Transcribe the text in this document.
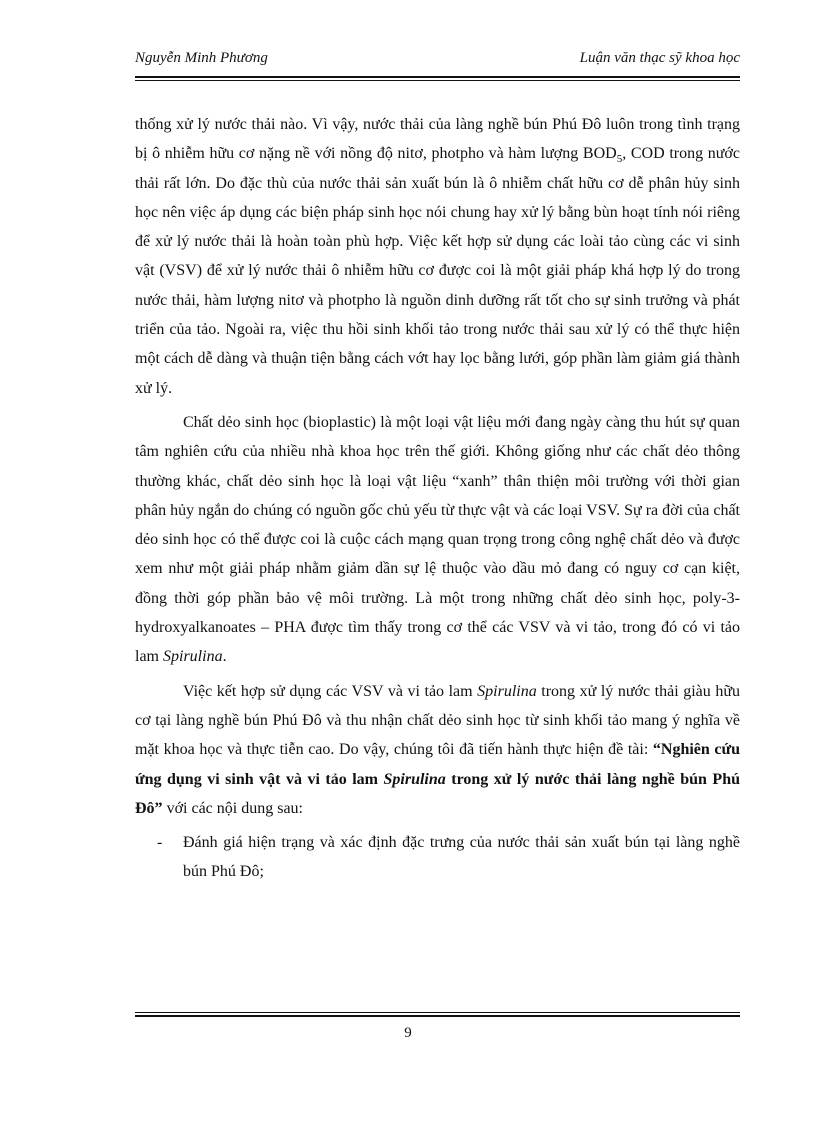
Nguyễn Minh Phương	Luận văn thạc sỹ khoa học

thống xử lý nước thải nào. Vì vậy, nước thải của làng nghề bún Phú Đô luôn trong tình trạng bị ô nhiễm hữu cơ nặng nề với nồng độ nitơ, photpho và hàm lượng $BOD_5$, COD trong nước thải rất lớn. Do đặc thù của nước thải sản xuất bún là ô nhiễm chất hữu cơ dễ phân hủy sinh học nên việc áp dụng các biện pháp sinh học nói chung hay xử lý bằng bùn hoạt tính nói riêng để xử lý nước thải là hoàn toàn phù hợp. Việc kết hợp sử dụng các loài tảo cùng các vi sinh vật (VSV) để xử lý nước thải ô nhiễm hữu cơ được coi là một giải pháp khá hợp lý do trong nước thải, hàm lượng nitơ và photpho là nguồn dinh dưỡng rất tốt cho sự sinh trưởng và phát triển của tảo. Ngoài ra, việc thu hồi sinh khối tảo trong nước thải sau xử lý có thể thực hiện một cách dễ dàng và thuận tiện bằng cách vớt hay lọc bằng lưới, góp phần làm giảm giá thành xử lý.

Chất dẻo sinh học (bioplastic) là một loại vật liệu mới đang ngày càng thu hút sự quan tâm nghiên cứu của nhiều nhà khoa học trên thế giới. Không giống như các chất dẻo thông thường khác, chất dẻo sinh học là loại vật liệu “xanh” thân thiện môi trường với thời gian phân hủy ngắn do chúng có nguồn gốc chủ yếu từ thực vật và các loại VSV. Sự ra đời của chất dẻo sinh học có thể được coi là cuộc cách mạng quan trọng trong công nghệ chất dẻo và được xem như một giải pháp nhằm giảm dần sự lệ thuộc vào dầu mỏ đang có nguy cơ cạn kiệt, đồng thời góp phần bảo vệ môi trường. Là một trong những chất dẻo sinh học, poly-3-hydroxyalkanoates – PHA được tìm thấy trong cơ thể các VSV và vi tảo, trong đó có vi tảo lam Spirulina.

Việc kết hợp sử dụng các VSV và vi tảo lam Spirulina trong xử lý nước thải giàu hữu cơ tại làng nghề bún Phú Đô và thu nhận chất dẻo sinh học từ sinh khối tảo mang ý nghĩa về mặt khoa học và thực tiễn cao. Do vậy, chúng tôi đã tiến hành thực hiện đề tài: “Nghiên cứu ứng dụng vi sinh vật và vi tảo lam Spirulina trong xử lý nước thải làng nghề bún Phú Đô” với các nội dung sau:

-	Đánh giá hiện trạng và xác định đặc trưng của nước thải sản xuất bún tại làng nghề bún Phú Đô;
9
